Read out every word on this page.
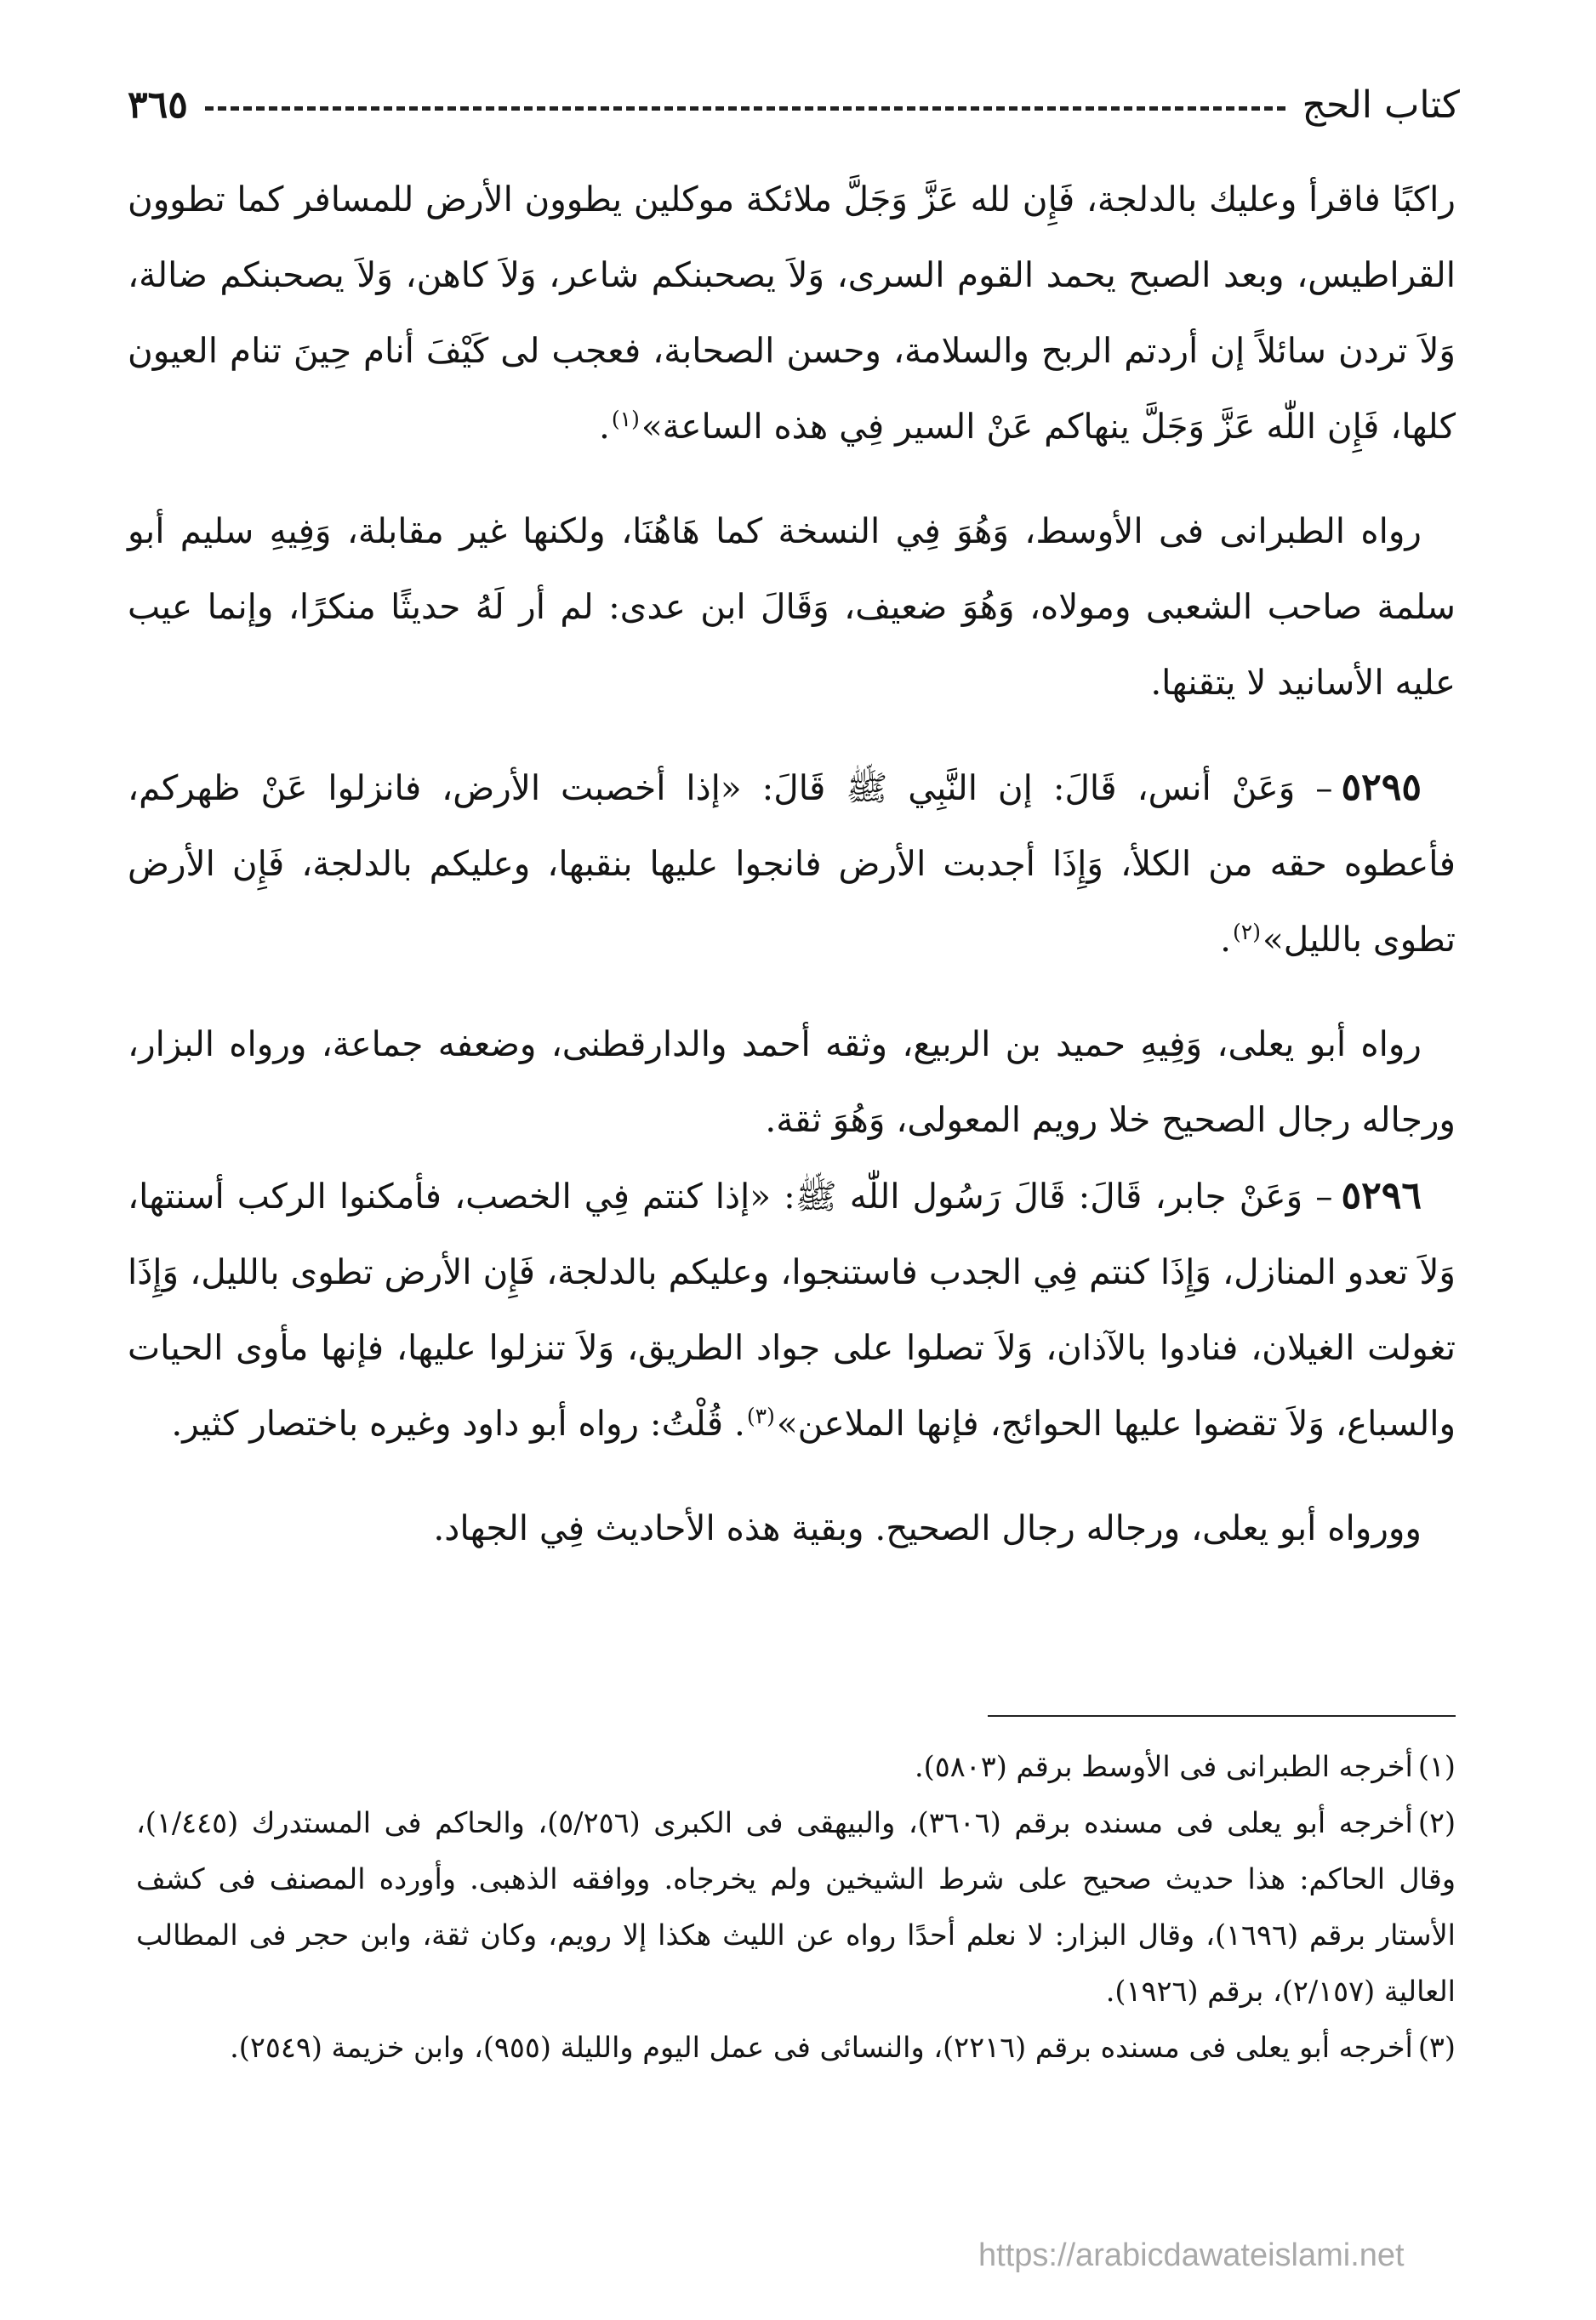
كتاب الحج
٣٦٥

راكبًا فاقرأ وعليك بالدلجة، فَإِن لله عَزَّ وَجَلَّ ملائكة موكلين يطوون الأرض للمسافر كما تطوون القراطيس، وبعد الصبح يحمد القوم السرى، وَلاَ يصحبنكم شاعر، وَلاَ كاهن، وَلاَ يصحبنكم ضالة، وَلاَ تردن سائلاً إن أردتم الربح والسلامة، وحسن الصحابة، فعجب لى كَيْفَ أنام حِينَ تنام العيون كلها، فَإِن اللّٰه عَزَّ وَجَلَّ ينهاكم عَنْ السير فِي هذه الساعة»$^{(١)}$.

رواه الطبرانى فى الأوسط، وَهُوَ فِي النسخة كما هَاهُنَا، ولكنها غير مقابلة، وَفِيهِ سليم أبو سلمة صاحب الشعبى ومولاه، وَهُوَ ضعيف، وَقَالَ ابن عدى: لم أر لَهُ حديثًا منكرًا، وإنما عيب عليه الأسانيد لا يتقنها.

٥٢٩٥– وَعَنْ أنس، قَالَ: إن النَّبِي ﷺ قَالَ: «إذا أخصبت الأرض، فانزلوا عَنْ ظهركم، فأعطوه حقه من الكلأ، وَإِذَا أجدبت الأرض فانجوا عليها بنقبها، وعليكم بالدلجة، فَإِن الأرض تطوى بالليل»$^{(٢)}$.

رواه أبو يعلى، وَفِيهِ حميد بن الربيع، وثقه أحمد والدارقطنى، وضعفه جماعة، ورواه البزار، ورجاله رجال الصحيح خلا رويم المعولى، وَهُوَ ثقة.

٥٢٩٦– وَعَنْ جابر، قَالَ: قَالَ رَسُول اللّٰه ﷺ: «إذا كنتم فِي الخصب، فأمكنوا الركب أسنتها، وَلاَ تعدو المنازل، وَإِذَا كنتم فِي الجدب فاستنجوا، وعليكم بالدلجة، فَإِن الأرض تطوى بالليل، وَإِذَا تغولت الغيلان، فنادوا بالآذان، وَلاَ تصلوا على جواد الطريق، وَلاَ تنزلوا عليها، فإنها مأوى الحيات والسباع، وَلاَ تقضوا عليها الحوائج، فإنها الملاعن»$^{(٣)}$. قُلْتُ: رواه أبو داود وغيره باختصار كثير.

وورواه أبو يعلى، ورجاله رجال الصحيح. وبقية هذه الأحاديث فِي الجهاد.

(١)أخرجه الطبرانى فى الأوسط برقم (٥٨٠٣).

(٢)أخرجه أبو يعلى فى مسنده برقم (٣٦٠٦)، والبيهقى فى الكبرى (٥/٢٥٦)، والحاكم فى المستدرك (١/٤٤٥)، وقال الحاكم: هذا حديث صحيح على شرط الشيخين ولم يخرجاه. ووافقه الذهبى. وأورده المصنف فى كشف الأستار برقم (١٦٩٦)، وقال البزار: لا نعلم أحدًا رواه عن الليث هكذا إلا رويم، وكان ثقة، وابن حجر فى المطالب العالية (٢/١٥٧)، برقم (١٩٢٦).

(٣)أخرجه أبو يعلى فى مسنده برقم (٢٢١٦)، والنسائى فى عمل اليوم والليلة (٩٥٥)، وابن خزيمة (٢٥٤٩).

https://arabicdawateislami.net
